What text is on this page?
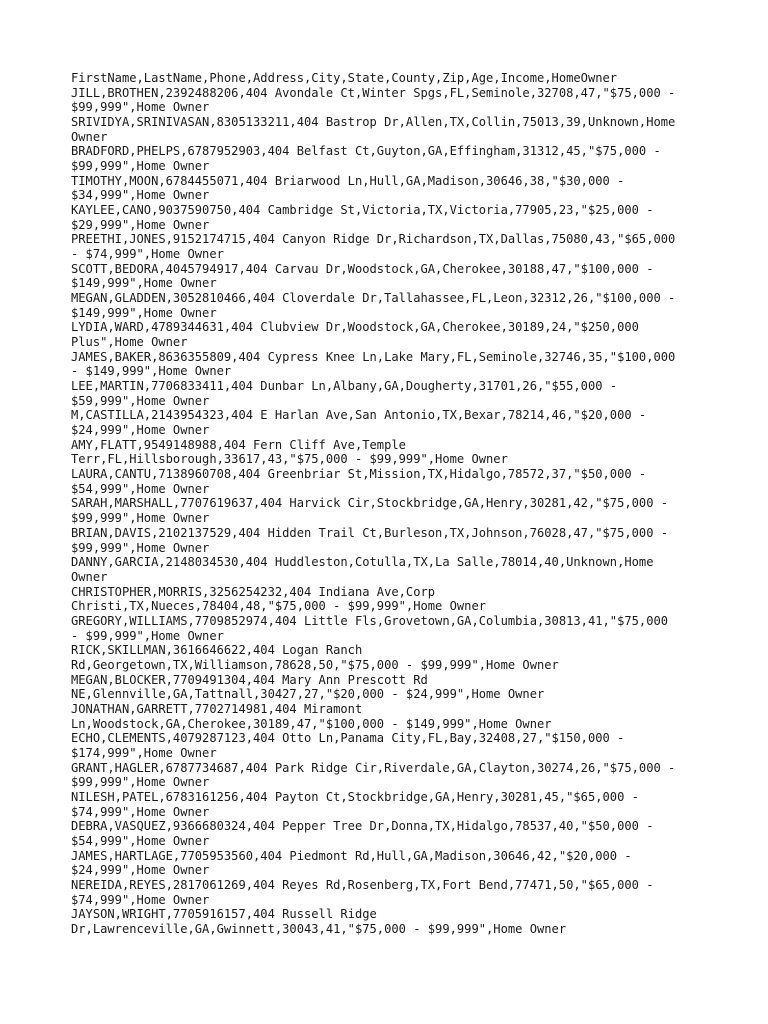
FirstName,LastName,Phone,Address,City,State,County,Zip,Age,Income,HomeOwner
JILL,BROTHEN,2392488206,404 Avondale Ct,Winter Spgs,FL,Seminole,32708,47,"$75,000 -
$99,999",Home Owner
SRIVIDYA,SRINIVASAN,8305133211,404 Bastrop Dr,Allen,TX,Collin,75013,39,Unknown,Home
Owner
BRADFORD,PHELPS,6787952903,404 Belfast Ct,Guyton,GA,Effingham,31312,45,"$75,000 -
$99,999",Home Owner
TIMOTHY,MOON,6784455071,404 Briarwood Ln,Hull,GA,Madison,30646,38,"$30,000 -
$34,999",Home Owner
KAYLEE,CANO,9037590750,404 Cambridge St,Victoria,TX,Victoria,77905,23,"$25,000 -
$29,999",Home Owner
PREETHI,JONES,9152174715,404 Canyon Ridge Dr,Richardson,TX,Dallas,75080,43,"$65,000
- $74,999",Home Owner
SCOTT,BEDORA,4045794917,404 Carvau Dr,Woodstock,GA,Cherokee,30188,47,"$100,000 -
$149,999",Home Owner
MEGAN,GLADDEN,3052810466,404 Cloverdale Dr,Tallahassee,FL,Leon,32312,26,"$100,000 -
$149,999",Home Owner
LYDIA,WARD,4789344631,404 Clubview Dr,Woodstock,GA,Cherokee,30189,24,"$250,000
Plus",Home Owner
JAMES,BAKER,8636355809,404 Cypress Knee Ln,Lake Mary,FL,Seminole,32746,35,"$100,000
- $149,999",Home Owner
LEE,MARTIN,7706833411,404 Dunbar Ln,Albany,GA,Dougherty,31701,26,"$55,000 -
$59,999",Home Owner
M,CASTILLA,2143954323,404 E Harlan Ave,San Antonio,TX,Bexar,78214,46,"$20,000 -
$24,999",Home Owner
AMY,FLATT,9549148988,404 Fern Cliff Ave,Temple
Terr,FL,Hillsborough,33617,43,"$75,000 - $99,999",Home Owner
LAURA,CANTU,7138960708,404 Greenbriar St,Mission,TX,Hidalgo,78572,37,"$50,000 -
$54,999",Home Owner
SARAH,MARSHALL,7707619637,404 Harvick Cir,Stockbridge,GA,Henry,30281,42,"$75,000 -
$99,999",Home Owner
BRIAN,DAVIS,2102137529,404 Hidden Trail Ct,Burleson,TX,Johnson,76028,47,"$75,000 -
$99,999",Home Owner
DANNY,GARCIA,2148034530,404 Huddleston,Cotulla,TX,La Salle,78014,40,Unknown,Home
Owner
CHRISTOPHER,MORRIS,3256254232,404 Indiana Ave,Corp
Christi,TX,Nueces,78404,48,"$75,000 - $99,999",Home Owner
GREGORY,WILLIAMS,7709852974,404 Little Fls,Grovetown,GA,Columbia,30813,41,"$75,000
- $99,999",Home Owner
RICK,SKILLMAN,3616646622,404 Logan Ranch
Rd,Georgetown,TX,Williamson,78628,50,"$75,000 - $99,999",Home Owner
MEGAN,BLOCKER,7709491304,404 Mary Ann Prescott Rd
NE,Glennville,GA,Tattnall,30427,27,"$20,000 - $24,999",Home Owner
JONATHAN,GARRETT,7702714981,404 Miramont
Ln,Woodstock,GA,Cherokee,30189,47,"$100,000 - $149,999",Home Owner
ECHO,CLEMENTS,4079287123,404 Otto Ln,Panama City,FL,Bay,32408,27,"$150,000 -
$174,999",Home Owner
GRANT,HAGLER,6787734687,404 Park Ridge Cir,Riverdale,GA,Clayton,30274,26,"$75,000 -
$99,999",Home Owner
NILESH,PATEL,6783161256,404 Payton Ct,Stockbridge,GA,Henry,30281,45,"$65,000 -
$74,999",Home Owner
DEBRA,VASQUEZ,9366680324,404 Pepper Tree Dr,Donna,TX,Hidalgo,78537,40,"$50,000 -
$54,999",Home Owner
JAMES,HARTLAGE,7705953560,404 Piedmont Rd,Hull,GA,Madison,30646,42,"$20,000 -
$24,999",Home Owner
NEREIDA,REYES,2817061269,404 Reyes Rd,Rosenberg,TX,Fort Bend,77471,50,"$65,000 -
$74,999",Home Owner
JAYSON,WRIGHT,7705916157,404 Russell Ridge
Dr,Lawrenceville,GA,Gwinnett,30043,41,"$75,000 - $99,999",Home Owner
